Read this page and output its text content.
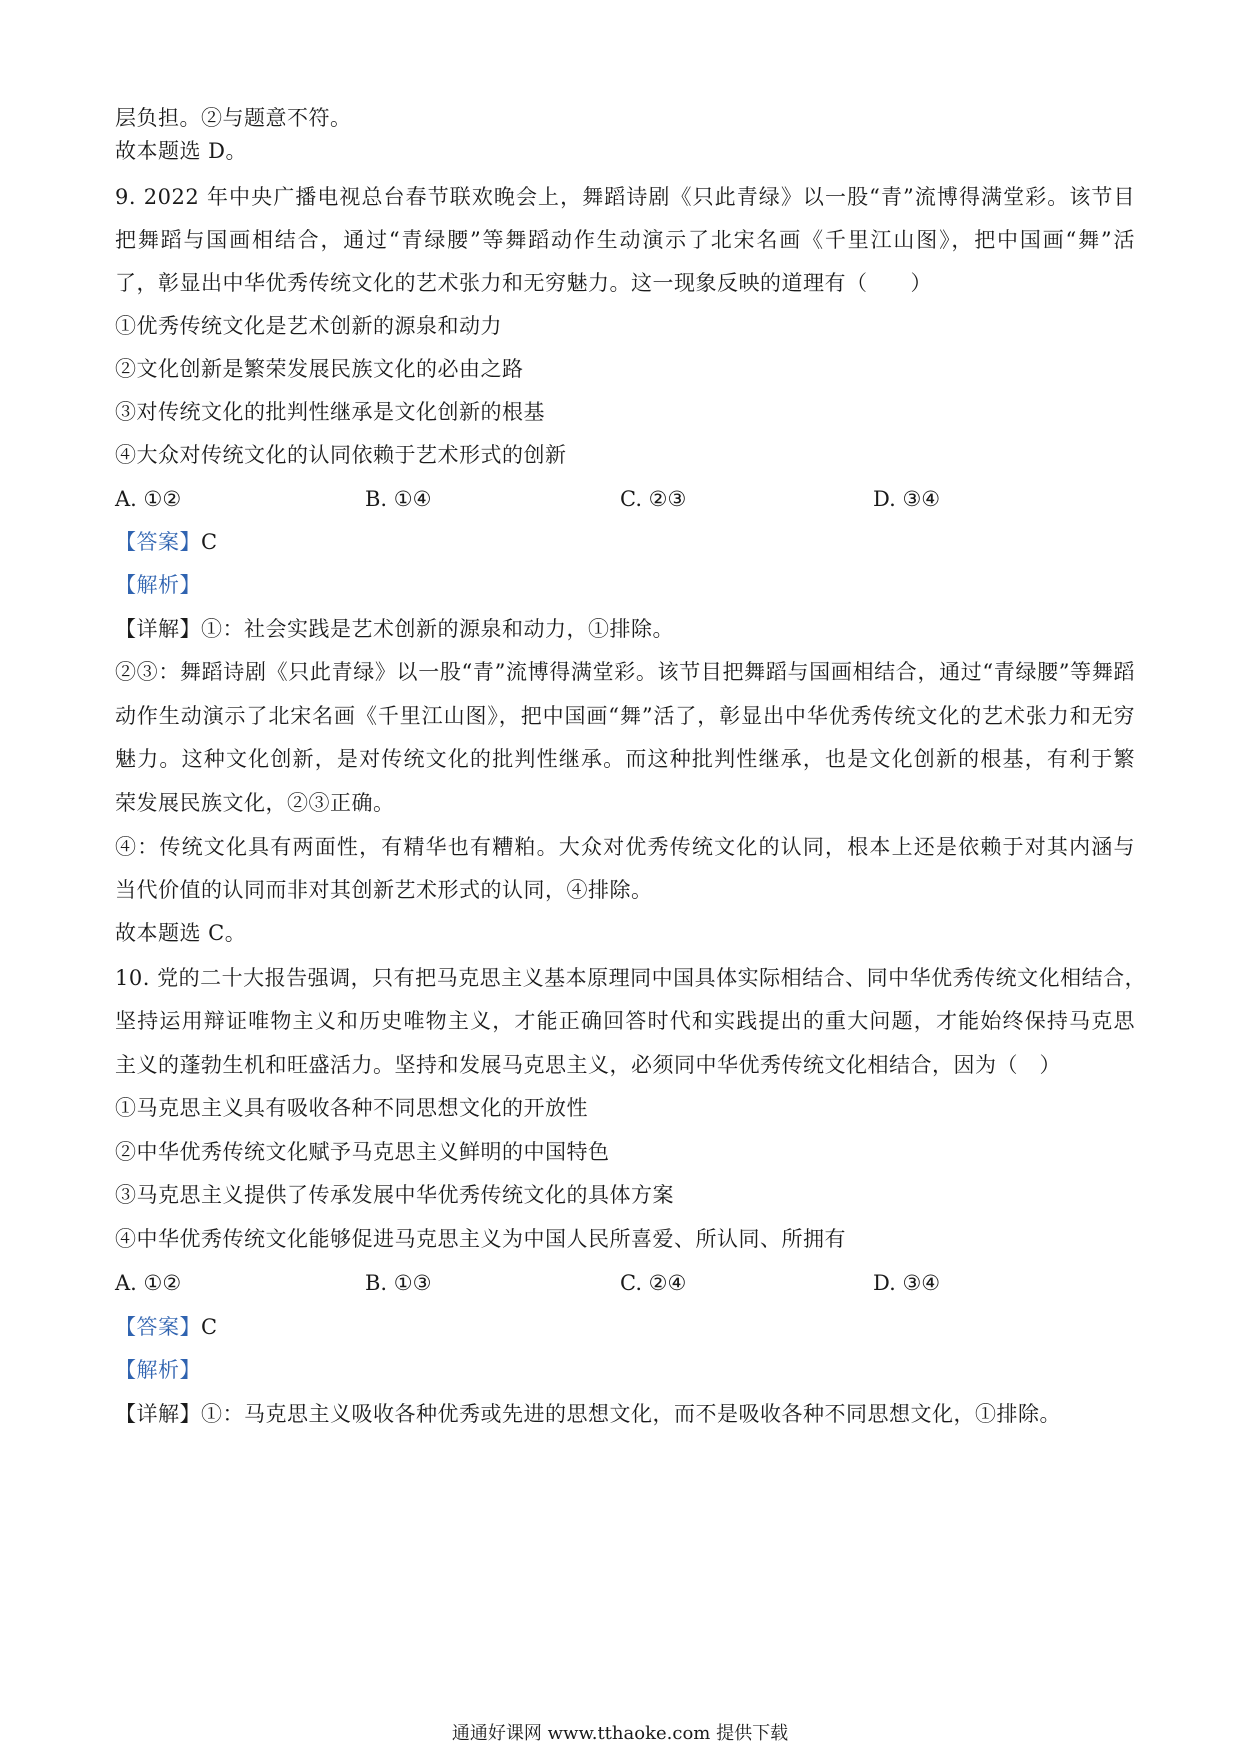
层负担。②与题意不符。
故本题选 D。
9. 2022 年中央广播电视总台春节联欢晚会上，舞蹈诗剧《只此青绿》以一股“青”流博得满堂彩。该节目
把舞蹈与国画相结合，通过“青绿腰”等舞蹈动作生动演示了北宋名画《千里江山图》，把中国画“舞”活
了，彰显出中华优秀传统文化的艺术张力和无穷魅力。这一现象反映的道理有（　　）
①优秀传统文化是艺术创新的源泉和动力
②文化创新是繁荣发展民族文化的必由之路
③对传统文化的批判性继承是文化创新的根基
④大众对传统文化的认同依赖于艺术形式的创新
A. ①②	B. ①④	C. ②③	D. ③④
【答案】C
【解析】
【详解】①：社会实践是艺术创新的源泉和动力，①排除。
②③：舞蹈诗剧《只此青绿》以一股“青”流博得满堂彩。该节目把舞蹈与国画相结合，通过“青绿腰”等舞蹈
动作生动演示了北宋名画《千里江山图》，把中国画“舞”活了，彰显出中华优秀传统文化的艺术张力和无穷
魅力。这种文化创新，是对传统文化的批判性继承。而这种批判性继承，也是文化创新的根基，有利于繁
荣发展民族文化，②③正确。
④：传统文化具有两面性，有精华也有糟粕。大众对优秀传统文化的认同，根本上还是依赖于对其内涵与
当代价值的认同而非对其创新艺术形式的认同，④排除。
故本题选 C。
10. 党的二十大报告强调，只有把马克思主义基本原理同中国具体实际相结合、同中华优秀传统文化相结合，
坚持运用辩证唯物主义和历史唯物主义，才能正确回答时代和实践提出的重大问题，才能始终保持马克思
主义的蓬勃生机和旺盛活力。坚持和发展马克思主义，必须同中华优秀传统文化相结合，因为（　）
①马克思主义具有吸收各种不同思想文化的开放性
②中华优秀传统文化赋予马克思主义鲜明的中国特色
③马克思主义提供了传承发展中华优秀传统文化的具体方案
④中华优秀传统文化能够促进马克思主义为中国人民所喜爱、所认同、所拥有
A. ①②	B. ①③	C. ②④	D. ③④
【答案】C
【解析】
【详解】①：马克思主义吸收各种优秀或先进的思想文化，而不是吸收各种不同思想文化，①排除。
通通好课网 www.tthaoke.com 提供下载
